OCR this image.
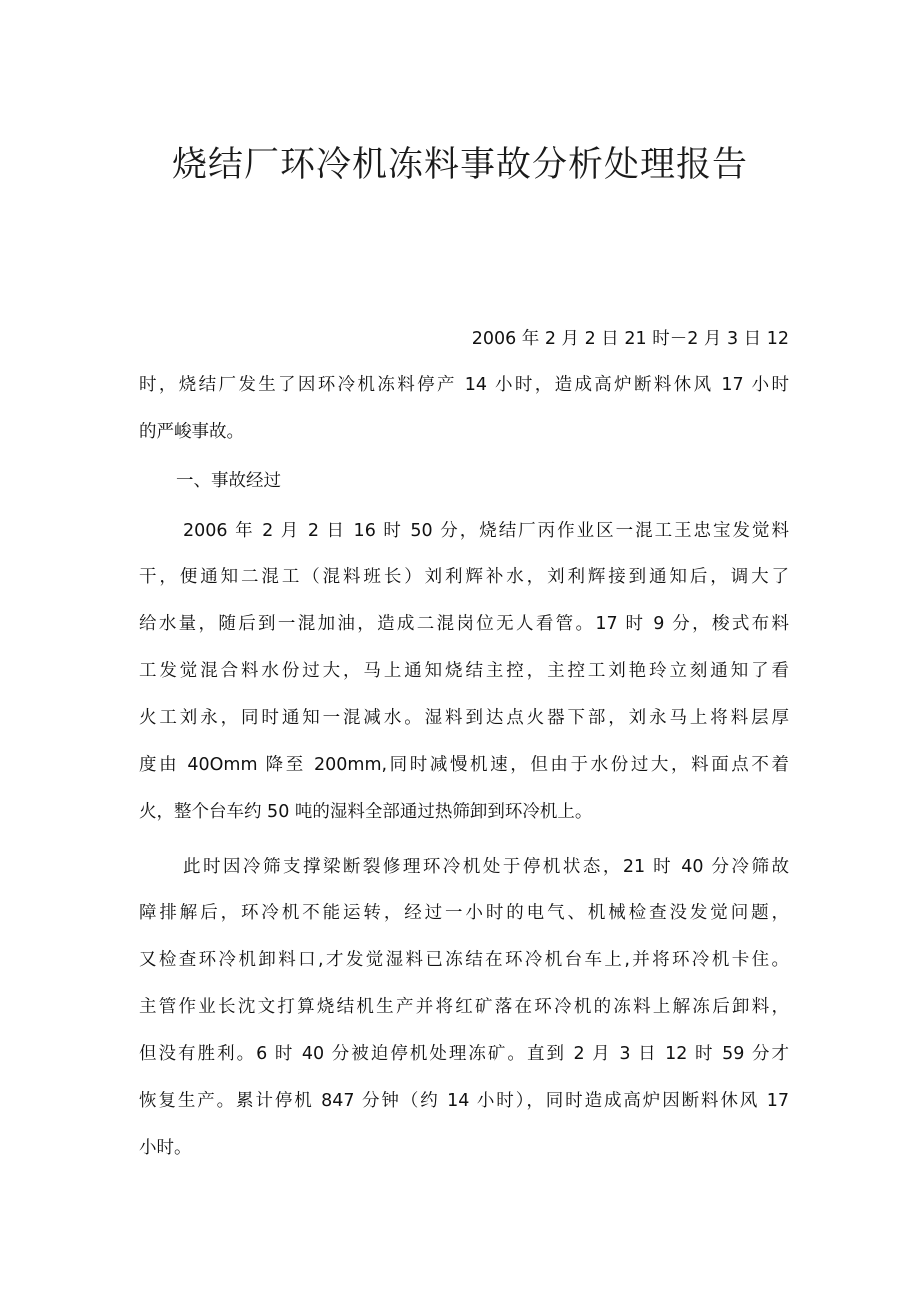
烧结厂环冷机冻料事故分析处理报告
2006 年 2 月 2 日 21 时－2 月 3 日 12
时，烧结厂发生了因环冷机冻料停产 14 小时，造成高炉断料休风 17 小时
的严峻事故。
一、事故经过
2006 年 2 月 2 日 16 时 50 分，烧结厂丙作业区一混工王忠宝发觉料
干，便通知二混工（混料班长）刘利辉补水，刘利辉接到通知后，调大了
给水量，随后到一混加油，造成二混岗位无人看管。17 时 9 分，梭式布料
工发觉混合料水份过大，马上通知烧结主控，主控工刘艳玲立刻通知了看
火工刘永，同时通知一混减水。湿料到达点火器下部，刘永马上将料层厚
度由 40Omm 降至 200mm,同时减慢机速，但由于水份过大，料面点不着
火，整个台车约 50 吨的湿料全部通过热筛卸到环冷机上。
此时因冷筛支撑梁断裂修理环冷机处于停机状态，21 时 40 分冷筛故
障排解后，环冷机不能运转，经过一小时的电气、机械检查没发觉问题，
又检查环冷机卸料口,才发觉湿料已冻结在环冷机台车上,并将环冷机卡住。
主管作业长沈文打算烧结机生产并将红矿落在环冷机的冻料上解冻后卸料，
但没有胜利。6 时 40 分被迫停机处理冻矿。直到 2 月 3 日 12 时 59 分才
恢复生产。累计停机 847 分钟（约 14 小时），同时造成高炉因断料休风 17
小时。
